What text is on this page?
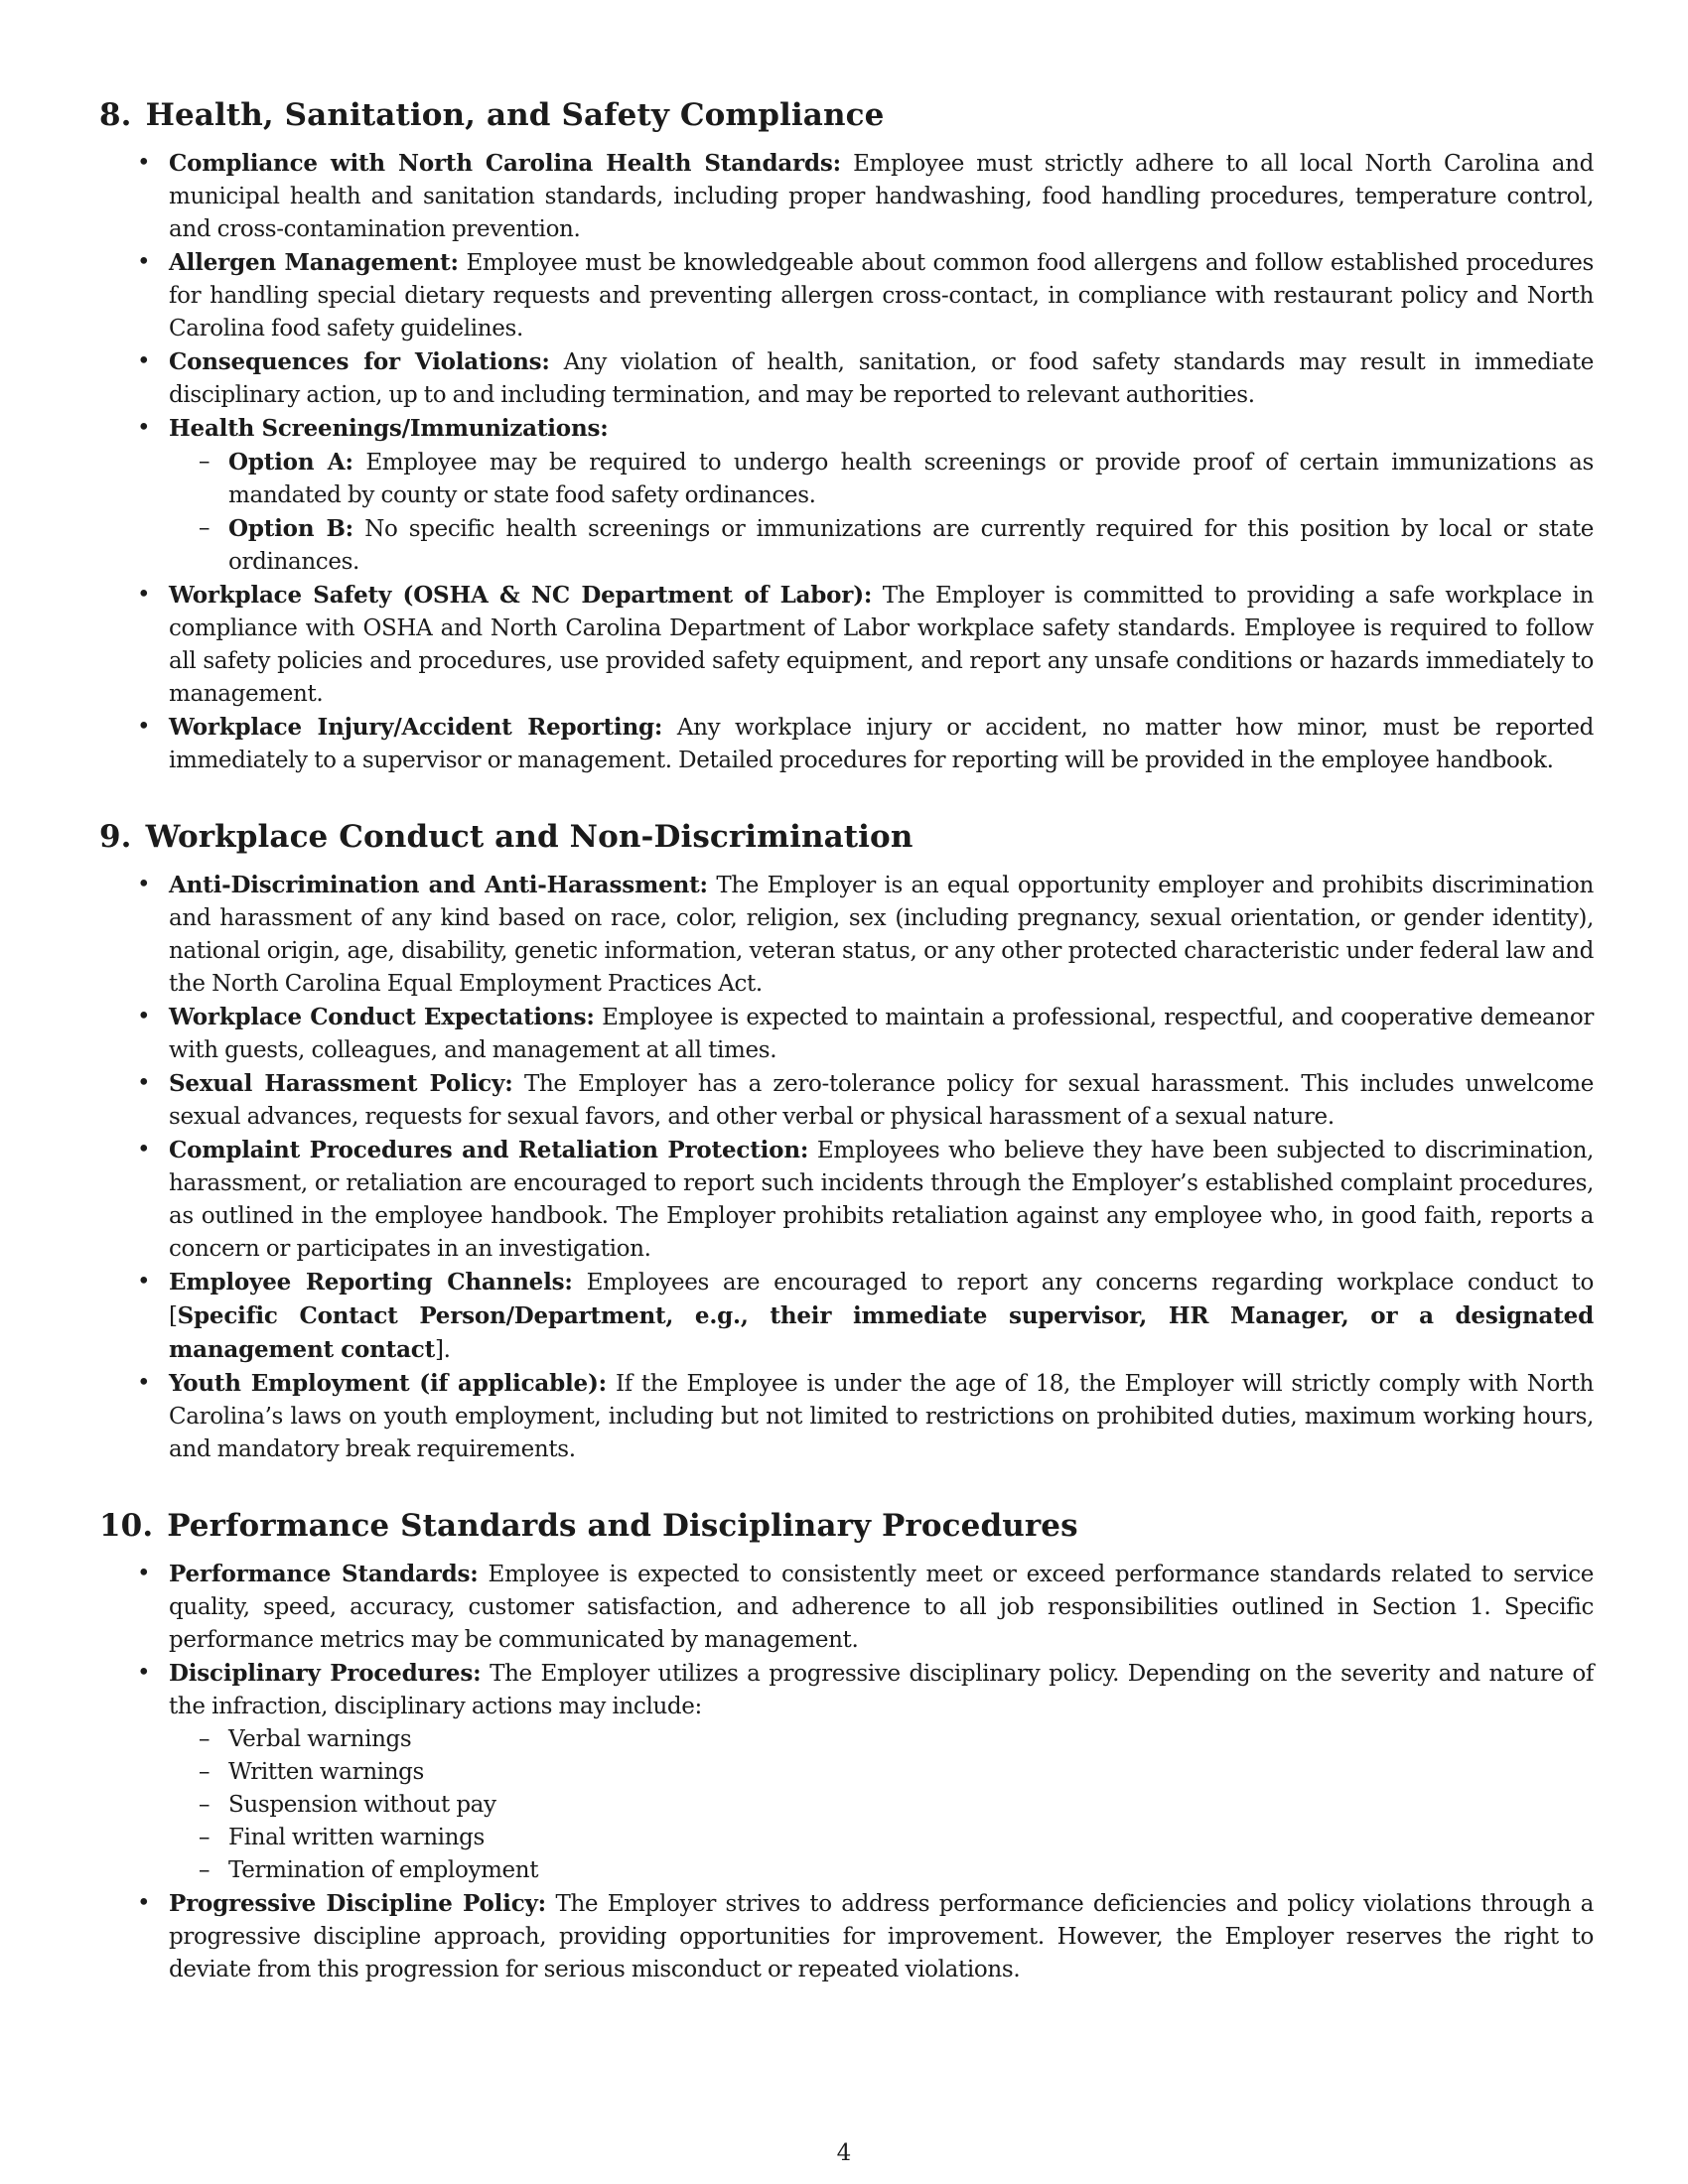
8. Health, Sanitation, and Safety Compliance
• Compliance with North Carolina Health Standards: Employee must strictly adhere to all local North Carolina and municipal health and sanitation standards, including proper handwashing, food handling procedures, temperature control, and cross-contamination prevention.
• Allergen Management: Employee must be knowledgeable about common food allergens and follow established procedures for handling special dietary requests and preventing allergen cross-contact, in compliance with restaurant policy and North Carolina food safety guidelines.
• Consequences for Violations: Any violation of health, sanitation, or food safety standards may result in immediate disciplinary action, up to and including termination, and may be reported to relevant authorities.
• Health Screenings/Immunizations:
– Option A: Employee may be required to undergo health screenings or provide proof of certain immunizations as mandated by county or state food safety ordinances.
– Option B: No specific health screenings or immunizations are currently required for this position by local or state ordinances.
• Workplace Safety (OSHA & NC Department of Labor): The Employer is committed to providing a safe workplace in compliance with OSHA and North Carolina Department of Labor workplace safety standards. Employee is required to follow all safety policies and procedures, use provided safety equipment, and report any unsafe conditions or hazards immediately to management.
• Workplace Injury/Accident Reporting: Any workplace injury or accident, no matter how minor, must be reported immediately to a supervisor or management. Detailed procedures for reporting will be provided in the employee handbook.
9. Workplace Conduct and Non-Discrimination
• Anti-Discrimination and Anti-Harassment: The Employer is an equal opportunity employer and prohibits discrimination and harassment of any kind based on race, color, religion, sex (including pregnancy, sexual orientation, or gender identity), national origin, age, disability, genetic information, veteran status, or any other protected characteristic under federal law and the North Carolina Equal Employment Practices Act.
• Workplace Conduct Expectations: Employee is expected to maintain a professional, respectful, and cooperative demeanor with guests, colleagues, and management at all times.
• Sexual Harassment Policy: The Employer has a zero-tolerance policy for sexual harassment. This includes unwelcome sexual advances, requests for sexual favors, and other verbal or physical harassment of a sexual nature.
• Complaint Procedures and Retaliation Protection: Employees who believe they have been subjected to discrimination, harassment, or retaliation are encouraged to report such incidents through the Employer’s established complaint procedures, as outlined in the employee handbook. The Employer prohibits retaliation against any employee who, in good faith, reports a concern or participates in an investigation.
• Employee Reporting Channels: Employees are encouraged to report any concerns regarding workplace conduct to [Specific Contact Person/Department, e.g., their immediate supervisor, HR Manager, or a designated management contact].
• Youth Employment (if applicable): If the Employee is under the age of 18, the Employer will strictly comply with North Carolina’s laws on youth employment, including but not limited to restrictions on prohibited duties, maximum working hours, and mandatory break requirements.
10. Performance Standards and Disciplinary Procedures
• Performance Standards: Employee is expected to consistently meet or exceed performance standards related to service quality, speed, accuracy, customer satisfaction, and adherence to all job responsibilities outlined in Section 1. Specific performance metrics may be communicated by management.
• Disciplinary Procedures: The Employer utilizes a progressive disciplinary policy. Depending on the severity and nature of the infraction, disciplinary actions may include:
– Verbal warnings
– Written warnings
– Suspension without pay
– Final written warnings
– Termination of employment
• Progressive Discipline Policy: The Employer strives to address performance deficiencies and policy violations through a progressive discipline approach, providing opportunities for improvement. However, the Employer reserves the right to deviate from this progression for serious misconduct or repeated violations.
4
